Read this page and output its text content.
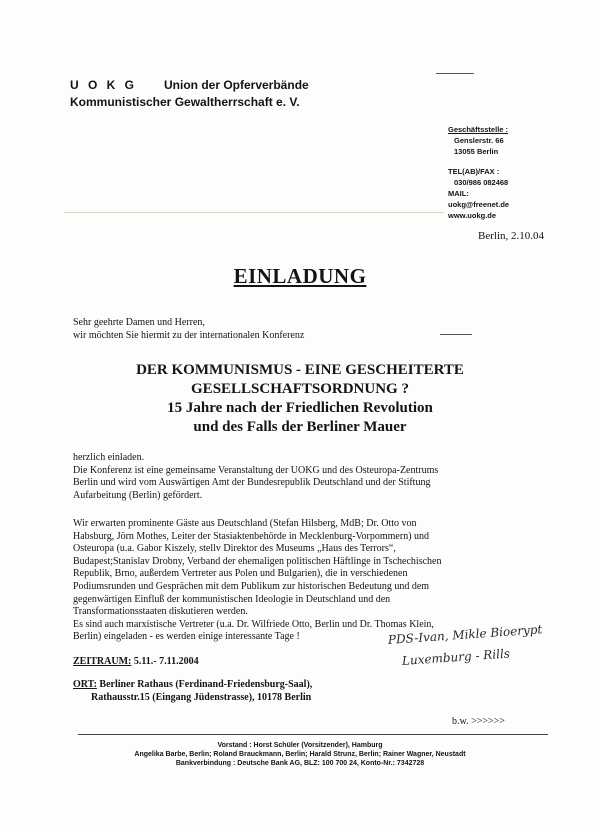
U O K G Union der Opferverbände
Kommunistischer Gewaltherrschaft e. V.
Geschäftsstelle :
Genslerstr. 66
13055 Berlin
TEL(AB)/FAX :
030/986 082468
MAIL:
uokg@freenet.de
www.uokg.de
Berlin, 2.10.04
EINLADUNG
Sehr geehrte Damen und Herren,
wir möchten Sie hiermit zu der internationalen Konferenz
DER KOMMUNISMUS - EINE GESCHEITERTE
GESELLSCHAFTSORDNUNG ?
15 Jahre nach der Friedlichen Revolution
und des Falls der Berliner Mauer
herzlich einladen.
Die Konferenz ist eine gemeinsame Veranstaltung der UOKG und des Osteuropa-Zentrums
Berlin und wird vom Auswärtigen Amt der Bundesrepublik Deutschland und der Stiftung
Aufarbeitung (Berlin) gefördert.
Wir erwarten prominente Gäste aus Deutschland (Stefan Hilsberg, MdB; Dr. Otto von
Habsburg, Jörn Mothes, Leiter der Stasiaktenbehörde in Mecklenburg-Vorpommern) und
Osteuropa (u.a. Gabor Kiszely, stellv Direktor des Museums „Haus des Terrors“,
Budapest;Stanislav Drobny, Verband der ehemaligen politischen Häftlinge in Tschechischen
Republik, Brno, außerdem Vertreter aus Polen und Bulgarien), die in verschiedenen
Podiumsrunden und Gesprächen mit dem Publikum zur historischen Bedeutung und dem
gegenwärtigen Einfluß der kommunistischen Ideologie in Deutschland und den
Transformationsstaaten diskutieren werden.
Es sind auch marxistische Vertreter (u.a. Dr. Wilfriede Otto, Berlin und Dr. Thomas Klein,
Berlin) eingeladen - es werden einige interessante Tage !
ZEITRAUM: 5.11.- 7.11.2004
ORT: Berliner Rathaus (Ferdinand-Friedensburg-Saal),
Rathausstr.15 (Eingang Jüdenstrasse), 10178 Berlin
PDS-Ivan, Mikle Bioerypt
Luxemburg - Rills
b.w. >>>>>>
Vorstand : Horst Schüler (Vorsitzender), Hamburg
Angelika Barbe, Berlin; Roland Brauckmann, Berlin; Harald Strunz, Berlin; Rainer Wagner, Neustadt
Bankverbindung : Deutsche Bank AG, BLZ: 100 700 24, Konto-Nr.: 7342728
